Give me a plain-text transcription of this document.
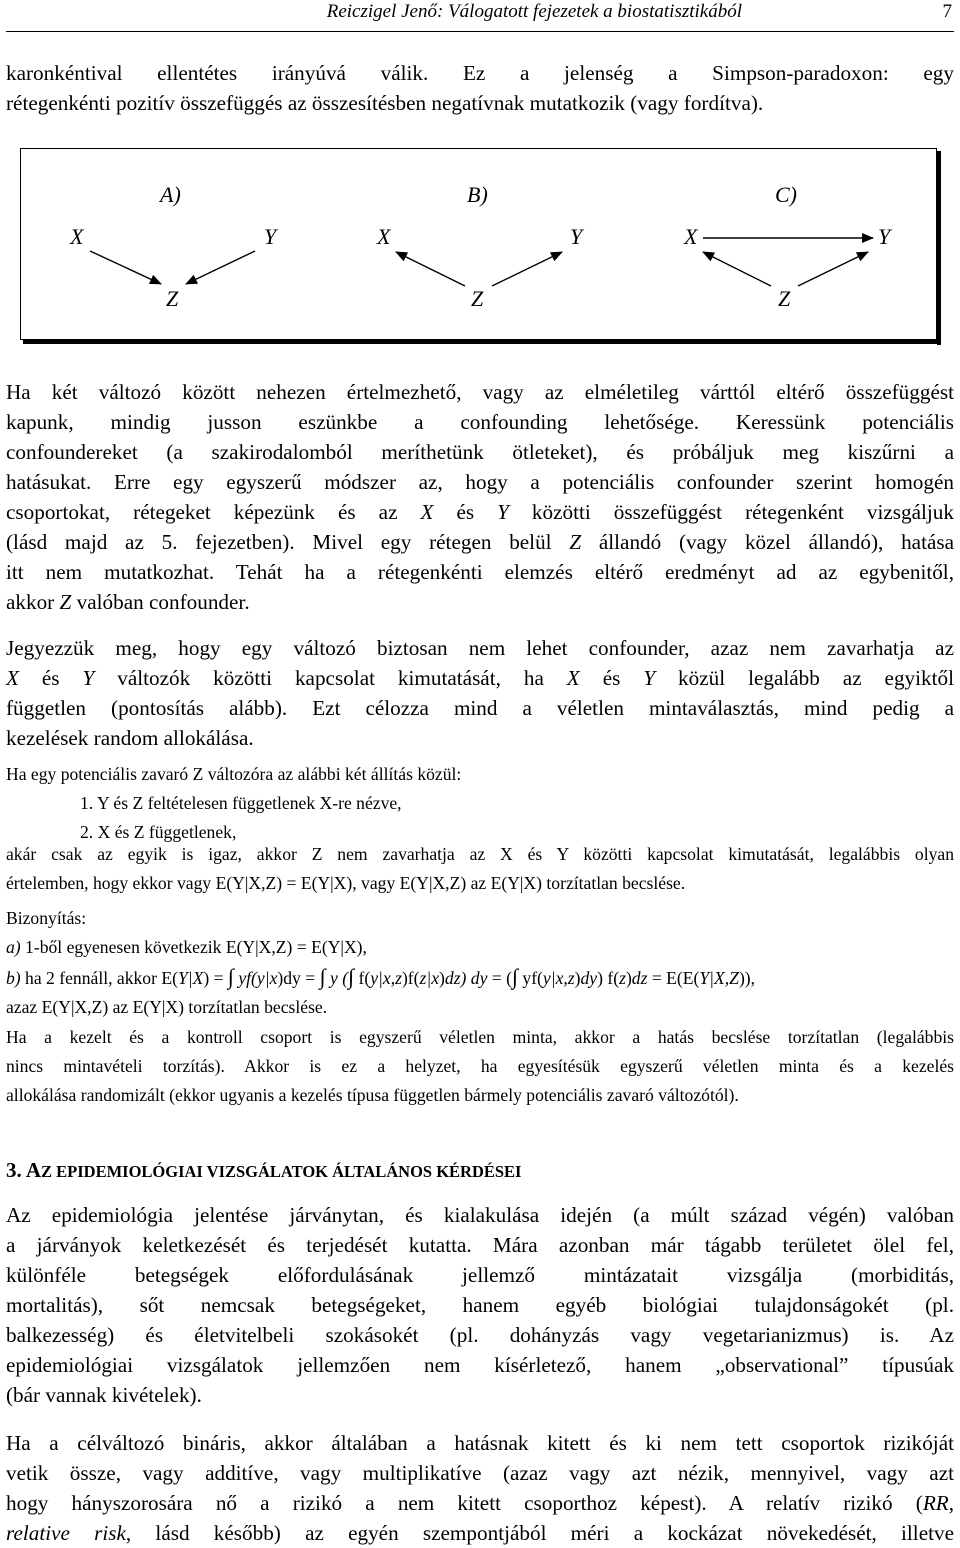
Reiczigel Jenő: Válogatott fejezetek a biostatisztikából	7
karonkéntival ellentétes irányúvá válik. Ez a jelenség a Simpson-paradoxon: egy
rétegenkénti pozitív összefüggés az összesítésben negatívnak mutatkozik (vagy fordítva).
A)
X	Y
Z
B)
X	Y
Z
C)
X	Y
Z
Ha két változó között nehezen értelmezhető, vagy az elméletileg várttól eltérő összefüggést
kapunk, mindig jusson eszünkbe a confounding lehetősége. Keressünk potenciális
confoundereket (a szakirodalomból meríthetünk ötleteket), és próbáljuk meg kiszűrni a
hatásukat. Erre egy egyszerű módszer az, hogy a potenciális confounder szerint homogén
csoportokat, rétegeket képezünk és az X és Y közötti összefüggést rétegenként vizsgáljuk
(lásd majd az 5. fejezetben). Mivel egy rétegen belül Z állandó (vagy közel állandó), hatása
itt nem mutatkozhat. Tehát ha a rétegenkénti elemzés eltérő eredményt ad az egybenitől,
akkor Z valóban confounder.
Jegyezzük meg, hogy egy változó biztosan nem lehet confounder, azaz nem zavarhatja az
X és Y változók közötti kapcsolat kimutatását, ha X és Y közül legalább az egyiktől
független (pontosítás alább). Ezt célozza mind a véletlen mintaválasztás, mind pedig a
kezelések random allokálása.
Ha egy potenciális zavaró Z változóra az alábbi két állítás közül:
1. Y és Z feltételesen függetlenek X-re nézve,
2. X és Z függetlenek,
akár csak az egyik is igaz, akkor Z nem zavarhatja az X és Y közötti kapcsolat kimutatását, legalábbis olyan
értelemben, hogy ekkor vagy E(Y|X,Z) = E(Y|X), vagy E(Y|X,Z) az E(Y|X) torzítatlan becslése.
Bizonyítás:
a) 1-ből egyenesen következik E(Y|X,Z) = E(Y|X),
b) ha 2 fennáll, akkor E(Y|X) = ∫ yf(y|x)dy = ∫ y (∫ f(y|x,z)f(z|x)dz) dy = (∫ yf(y|x,z)dy) f(z)dz = E(E(Y|X,Z)),
azaz E(Y|X,Z) az E(Y|X) torzítatlan becslése.
Ha a kezelt és a kontroll csoport is egyszerű véletlen minta, akkor a hatás becslése torzítatlan (legalábbis
nincs mintavételi torzítás). Akkor is ez a helyzet, ha egyesítésük egyszerű véletlen minta és a kezelés
allokálása randomizált (ekkor ugyanis a kezelés típusa független bármely potenciális zavaró változótól).
3. AZ EPIDEMIOLÓGIAI VIZSGÁLATOK ÁLTALÁNOS KÉRDÉSEI
Az epidemiológia jelentése járványtan, és kialakulása idején (a múlt század végén) valóban
a járványok keletkezését és terjedését kutatta. Mára azonban már tágabb területet ölel fel,
különféle betegségek előfordulásának jellemző mintázatait vizsgálja (morbiditás,
mortalitás), sőt nemcsak betegségeket, hanem egyéb biológiai tulajdonságokét (pl.
balkezesség) és életvitelbeli szokásokét (pl. dohányzás vagy vegetarianizmus) is. Az
epidemiológiai vizsgálatok jellemzően nem kísérletező, hanem „observational” típusúak
(bár vannak kivételek).
Ha a célváltozó bináris, akkor általában a hatásnak kitett és ki nem tett csoportok rizikóját
vetik össze, vagy additíve, vagy multiplikatíve (azaz vagy azt nézik, mennyivel, vagy azt
hogy hányszorosára nő a rizikó a nem kitett csoporthoz képest). A relatív rizikó (RR,
relative risk, lásd később) az egyén szempontjából méri a kockázat növekedését, illetve
